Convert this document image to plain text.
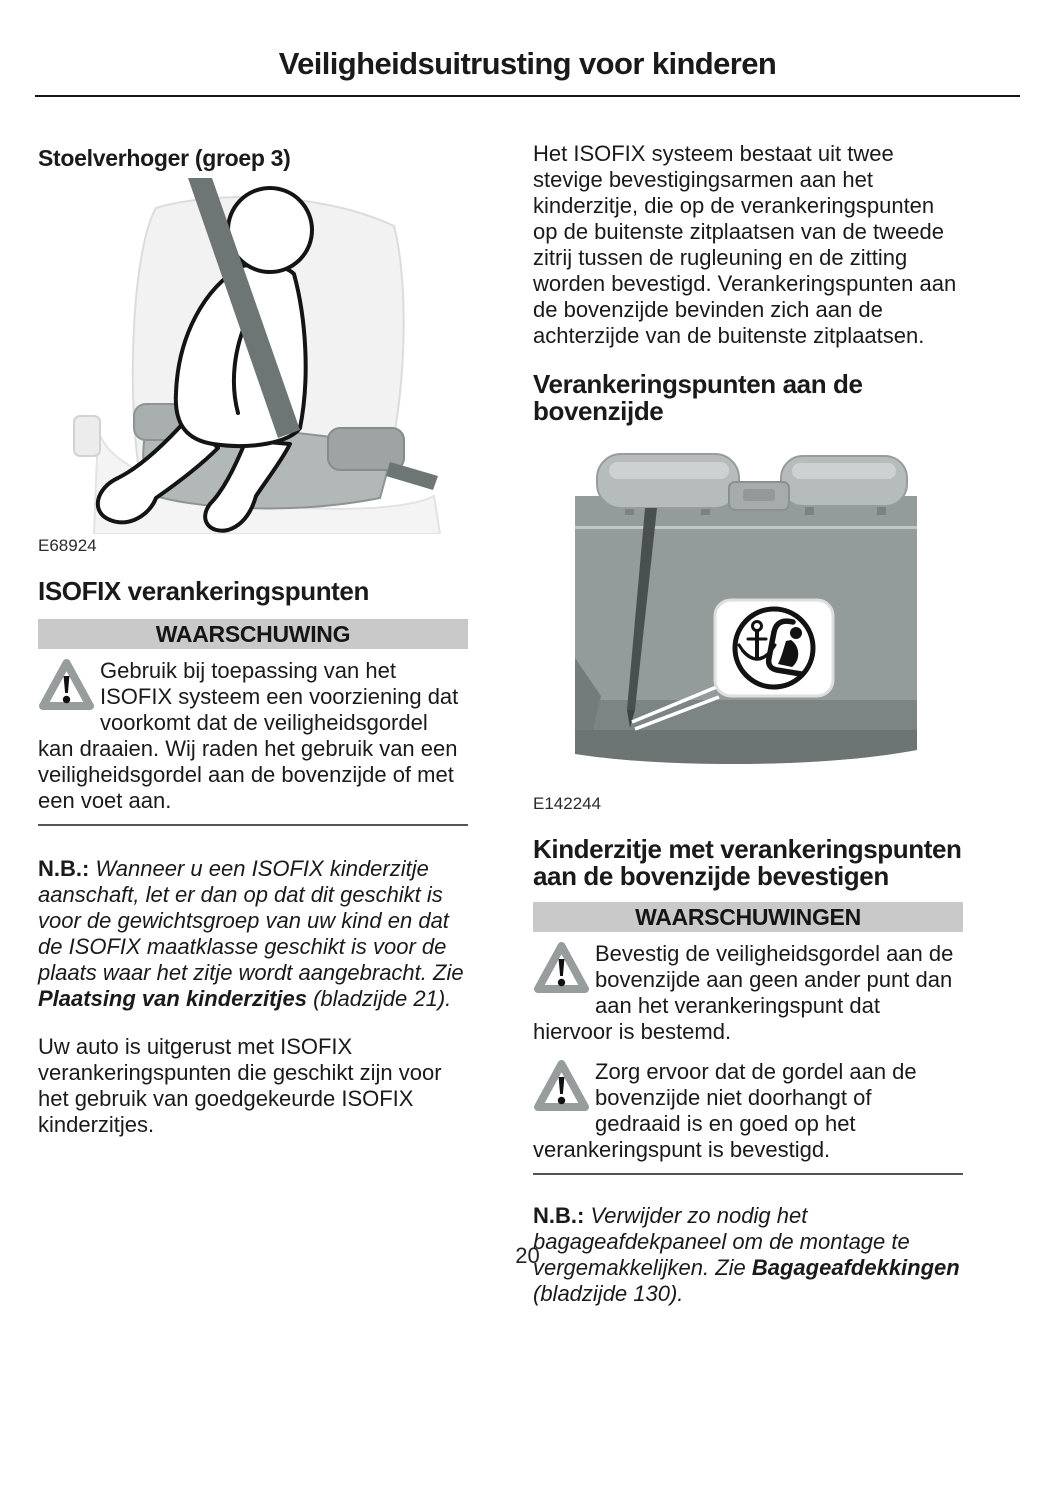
Veiligheidsuitrusting voor kinderen
Stoelverhoger (groep 3)
E68924
ISOFIX verankeringspunten
WAARSCHUWING
Gebruik bij toepassing van het ISOFIX systeem een voorziening dat voorkomt dat de veiligheidsgordel kan draaien. Wij raden het gebruik van een veiligheidsgordel aan de bovenzijde of met een voet aan.
N.B.: Wanneer u een ISOFIX kinderzitje aanschaft, let er dan op dat dit geschikt is voor de gewichtsgroep van uw kind en dat de ISOFIX maatklasse geschikt is voor de plaats waar het zitje wordt aangebracht. Zie Plaatsing van kinderzitjes (bladzijde 21).
Uw auto is uitgerust met ISOFIX verankeringspunten die geschikt zijn voor het gebruik van goedgekeurde ISOFIX kinderzitjes.
Het ISOFIX systeem bestaat uit twee stevige bevestigingsarmen aan het kinderzitje, die op de verankeringspunten op de buitenste zitplaatsen van de tweede zitrij tussen de rugleuning en de zitting worden bevestigd. Verankeringspunten aan de bovenzijde bevinden zich aan de achterzijde van de buitenste zitplaatsen.
Verankeringspunten aan de bovenzijde
E142244
Kinderzitje met verankeringspunten aan de bovenzijde bevestigen
WAARSCHUWINGEN
Bevestig de veiligheidsgordel aan de bovenzijde aan geen ander punt dan aan het verankeringspunt dat hiervoor is bestemd.
Zorg ervoor dat de gordel aan de bovenzijde niet doorhangt of gedraaid is en goed op het verankeringspunt is bevestigd.
N.B.: Verwijder zo nodig het bagageafdekpaneel om de montage te vergemakkelijken. Zie Bagageafdekkingen (bladzijde 130).
20
